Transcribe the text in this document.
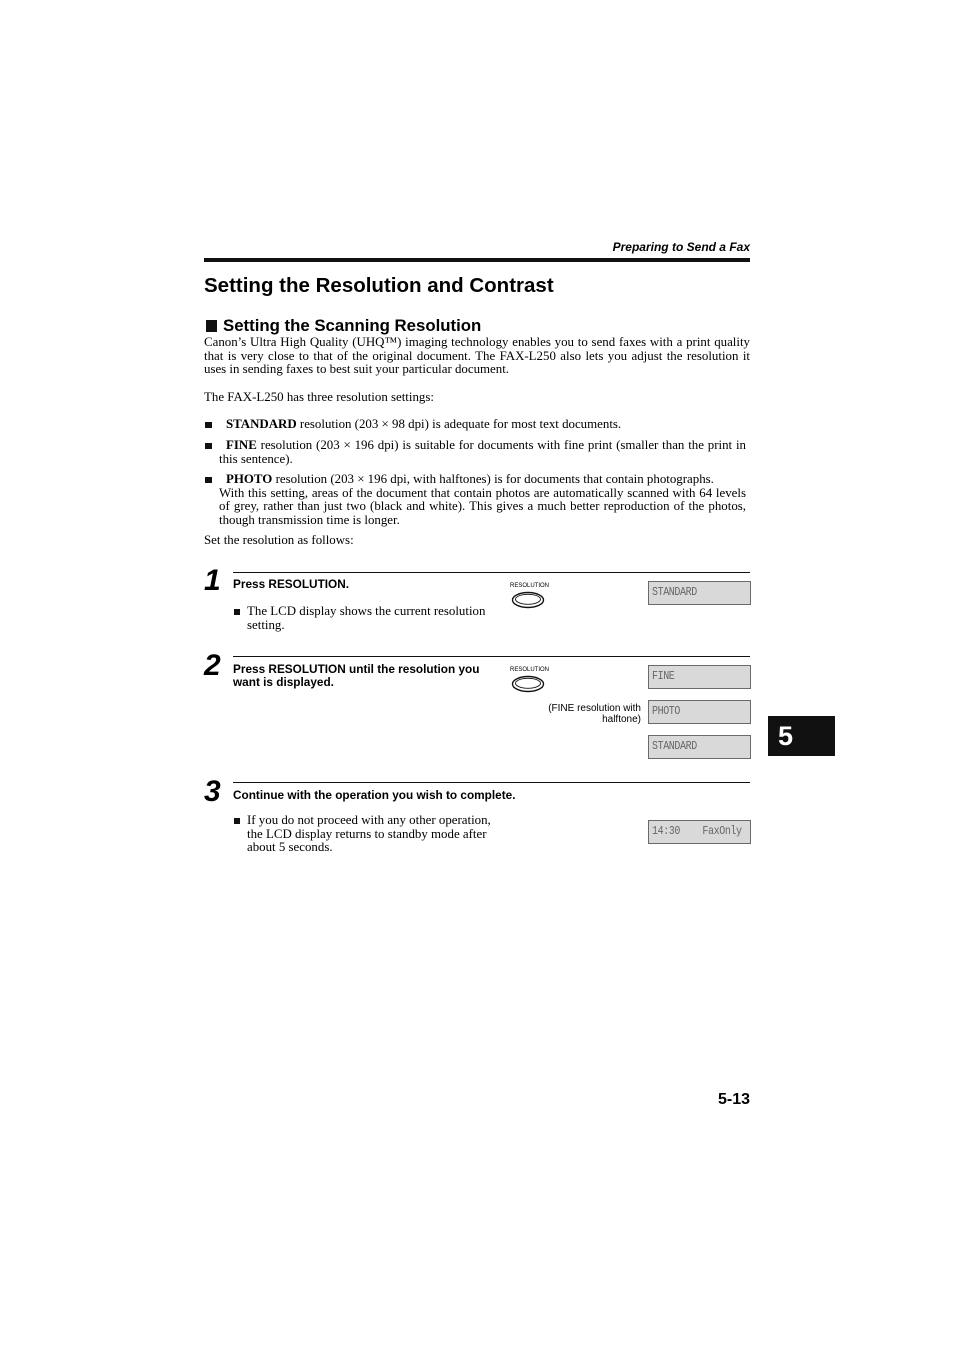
Preparing to Send a Fax
Setting the Resolution and Contrast
Setting the Scanning Resolution
Canon’s Ultra High Quality (UHQ™) imaging technology enables you to send faxes with a print quality
that is very close to that of the original document. The FAX-L250 also lets you adjust the resolution it
uses in sending faxes to best suit your particular document.
The FAX-L250 has three resolution settings:
STANDARD resolution (203 × 98 dpi) is adequate for most text documents.
FINE resolution (203 × 196 dpi) is suitable for documents with fine print (smaller than the print in
this sentence).
PHOTO resolution (203 × 196 dpi, with halftones) is for documents that contain photographs.
With this setting, areas of the document that contain photos are automatically scanned with 64 levels
of grey, rather than just two (black and white). This gives a much better reproduction of the photos,
though transmission time is longer.
Set the resolution as follows:
1 Press RESOLUTION.
The LCD display shows the current resolution
setting.
RESOLUTION
STANDARD
2 Press RESOLUTION until the resolution you
want is displayed.
RESOLUTION
FINE
PHOTO
STANDARD
(FINE resolution with
halftone)
3 Continue with the operation you wish to complete.
If you do not proceed with any other operation,
the LCD display returns to standby mode after
about 5 seconds.
14:30    FaxOnly
5
5-13
